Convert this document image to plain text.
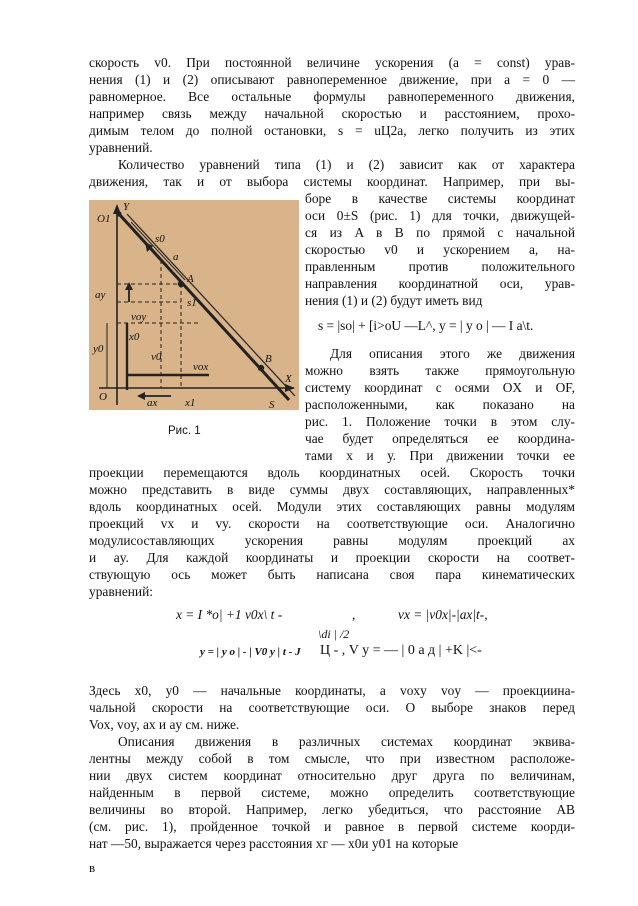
скорость v0. При постоянной величине ускорения (a = const) урав-
нения (1) и (2) описывают равнопеременное движение, при a = 0 —
равномерное. Все остальные формулы равнопеременного движения,
например связь между начальной скоростью и расстоянием, прохо-
димым телом до полной остановки, s = uЦ2a, легко получить из этих
уравнений.
Количество уравнений типа (1) и (2) зависит как от характера
движения, так и от выбора системы координат. Например, при вы-
боре в качестве системы координат
оси 0±S (рис. 1) для точки, движущей-
ся из A в B по прямой с начальной
скоростью v0 и ускорением a, на-
правленным против положительного
направления координатной оси, урав-
нения (1) и (2) будут иметь вид
s = |so| + [i>oU —L^, у = | у о | — I a\t.
Для описания этого же движения
можно взять также прямоугольную
систему координат с осями OX и OF,
расположенными, как показано на
рис. 1. Положение точки в этом слу-
чае будет определяться ее координа-
тами x и у. При движении точки ее
Y
O1
s0
a
A
s1
ay
voy
y0
x0
v0
vox
ax	x1
O
B
S
X
Рис. 1
проекции перемещаются вдоль координатных осей. Скорость точки
можно представить в виде суммы двух составляющих, направленных*
вдоль координатных осей. Модули этих составляющих равны модулям
проекций vx и vy. скорости на соответствующие оси. Аналогично
модулисоставляющих ускорения равны модулям проекций ax
и ay. Для каждой координаты и проекции скорости на соответ-
ствующую ось может быть написана своя пара кинематических
уравнений:
x = I *о| +1 v0x\ t -	,	vx = |v0x|-|ax|t-,
\di | /2
y = | y o | - | V0 y | t - J Ц - , V y = — | 0 а д | +K |<-
Здесь x0, y0 — начальные координаты, а voxy voy — проекциина-
чальной скорости на соответствующие оси. О выборе знаков перед
Vox, voy, ax и ay см. ниже.
Описания движения в различных системах координат эквива-
лентны между собой в том смысле, что при известном расположе-
нии двух систем координат относительно друг друга по величинам,
найденным в первой системе, можно определить соответствующие
величины во второй. Например, легко убедиться, что расстояние AB
(см. рис. 1), пройденное точкой и равное в первой системе коорди-
нат —50, выражается через расстояния xг — x0и y01 на которые
в
